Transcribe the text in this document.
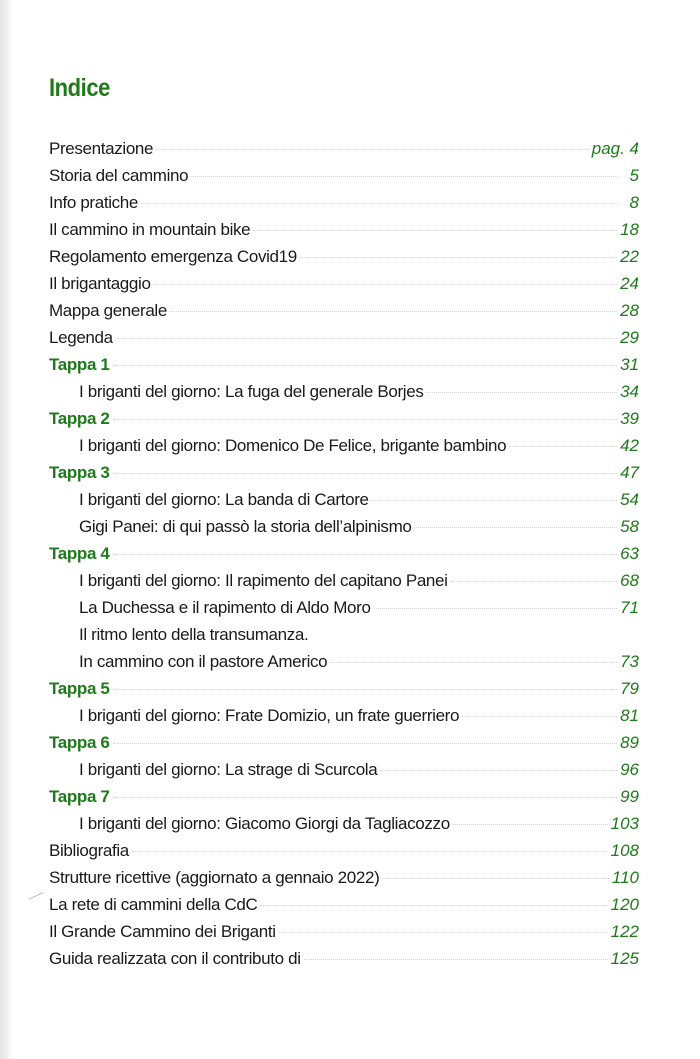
Indice
Presentazione	pag. 4
Storia del cammino	5
Info pratiche	8
Il cammino in mountain bike	18
Regolamento emergenza Covid19	22
Il brigantaggio	24
Mappa generale	28
Legenda	29
Tappa 1	31
I briganti del giorno: La fuga del generale Borjes	34
Tappa 2	39
I briganti del giorno: Domenico De Felice, brigante bambino	42
Tappa 3	47
I briganti del giorno: La banda di Cartore	54
Gigi Panei: di qui passò la storia dell’alpinismo	58
Tappa 4	63
I briganti del giorno: Il rapimento del capitano Panei	68
La Duchessa e il rapimento di Aldo Moro	71
Il ritmo lento della transumanza.
In cammino con il pastore Americo	73
Tappa 5	79
I briganti del giorno: Frate Domizio, un frate guerriero	81
Tappa 6	89
I briganti del giorno: La strage di Scurcola	96
Tappa 7	99
I briganti del giorno: Giacomo Giorgi da Tagliacozzo	103
Bibliografia	108
Strutture ricettive (aggiornato a gennaio 2022)	110
La rete di cammini della CdC	120
Il Grande Cammino dei Briganti	122
Guida realizzata con il contributo di	125
